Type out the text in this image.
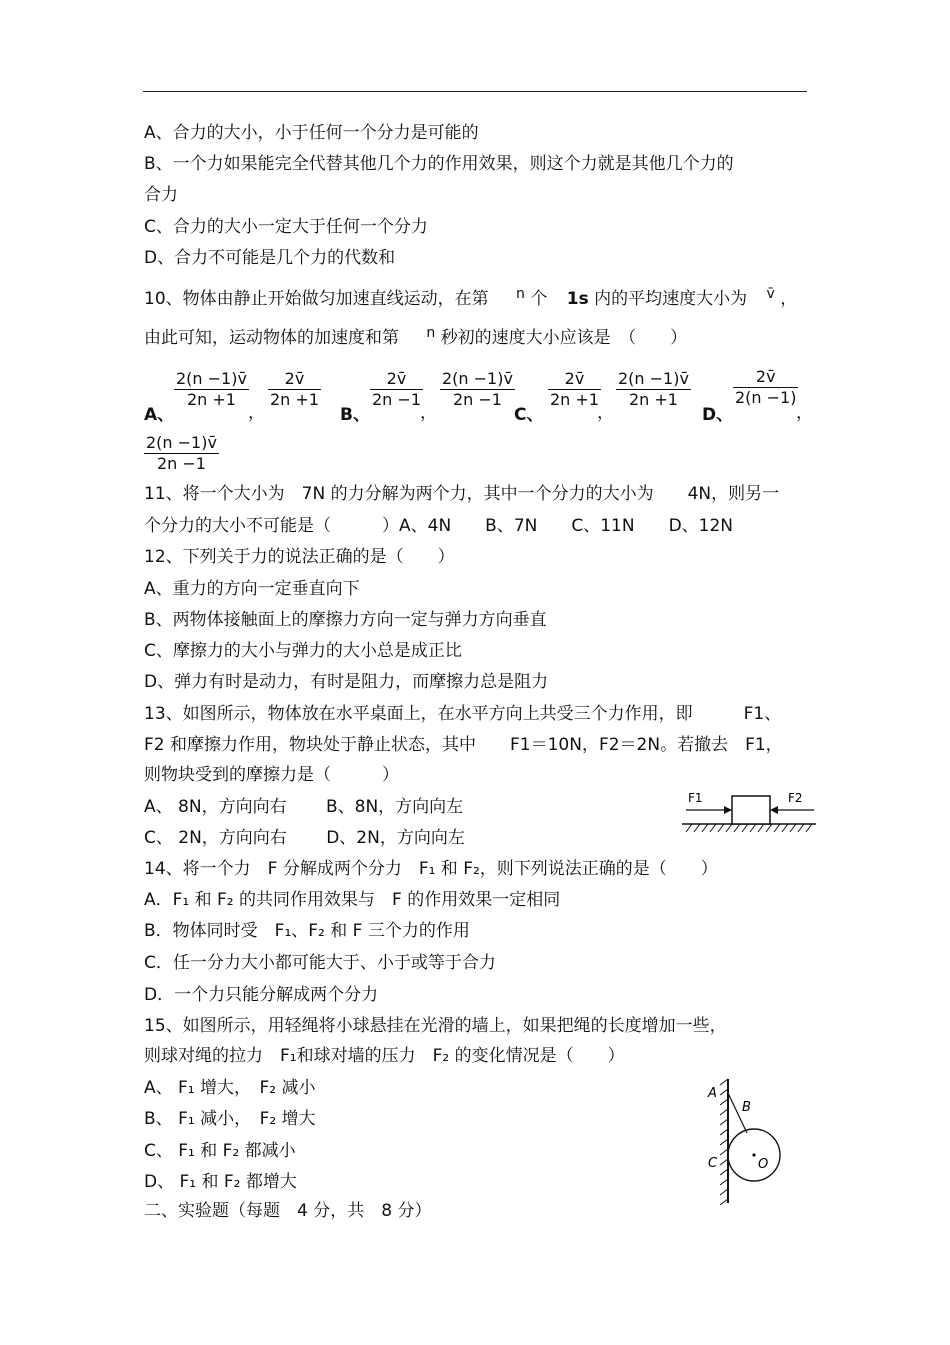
A、合力的大小，小于任何一个分力是可能的
B、一个力如果能完全代替其他几个力的作用效果，则这个力就是其他几个力的
合力
C、合力的大小一定大于任何一个分力
D、合力不可能是几个力的代数和
10、物体由静止开始做匀加速直线运动，在第 $^n$ 个 1s 内的平均速度大小为 $^{v̄}$ ，
由此可知，运动物体的加速度和第 $^n$ 秒初的速度大小应该是　（　　）
A、	B、	C、	D、
，	，	，	，
$\frac{2(n -1)v̄}{2n +1} \frac{2v̄}{2n +1}$	$\frac{2v̄}{2n -1} \frac{2(n -1)v̄}{2n -1} \frac{2v̄}{2n +1} \frac{2(n -1)v̄}{2n +1}$	$\frac{2v̄}{2(n -1)}$
$\frac{2(n -1)v̄}{2n -1}$
11、将一个大小为　7N 的力分解为两个力，其中一个分力的大小为　　4N，则另一
个分力的大小不可能是（　　　）A、4N　　B、7N　　C、11N　　D、12N
12、下列关于力的说法正确的是（　　）
A、重力的方向一定垂直向下
B、两物体接触面上的摩擦力方向一定与弹力方向垂直
C、摩擦力的大小与弹力的大小总是成正比
D、弹力有时是动力，有时是阻力，而摩擦力总是阻力
13、如图所示，物体放在水平桌面上，在水平方向上共受三个力作用，即　　　F1、
F2 和摩擦力作用，物块处于静止状态，其中　　F1＝10N，F2＝2N。若撤去　F1，
则物块受到的摩擦力是（　　　）
A、 8N，方向向右　　 B、8N，方向向左
C、 2N，方向向右　　 D、2N，方向向左
F1	F2
14、将一个力　F 分解成两个分力　F₁ 和 F₂，则下列说法正确的是（　　）
A．F₁ 和 F₂ 的共同作用效果与　F 的作用效果一定相同
B．物体同时受　F₁、F₂ 和 F 三个力的作用
C．任一分力大小都可能大于、小于或等于合力
D．一个力只能分解成两个分力
15、如图所示，用轻绳将小球悬挂在光滑的墙上，如果把绳的长度增加一些，
则球对绳的拉力　F₁和球对墙的压力　F₂ 的变化情况是（　　）
A、 F₁ 增大，　F₂ 减小
B、 F₁ 减小，　F₂ 增大
C、 F₁ 和 F₂ 都减小
D、 F₁ 和 F₂ 都增大
A
B
C	O
二、实验题（每题　4 分，共　8 分）
